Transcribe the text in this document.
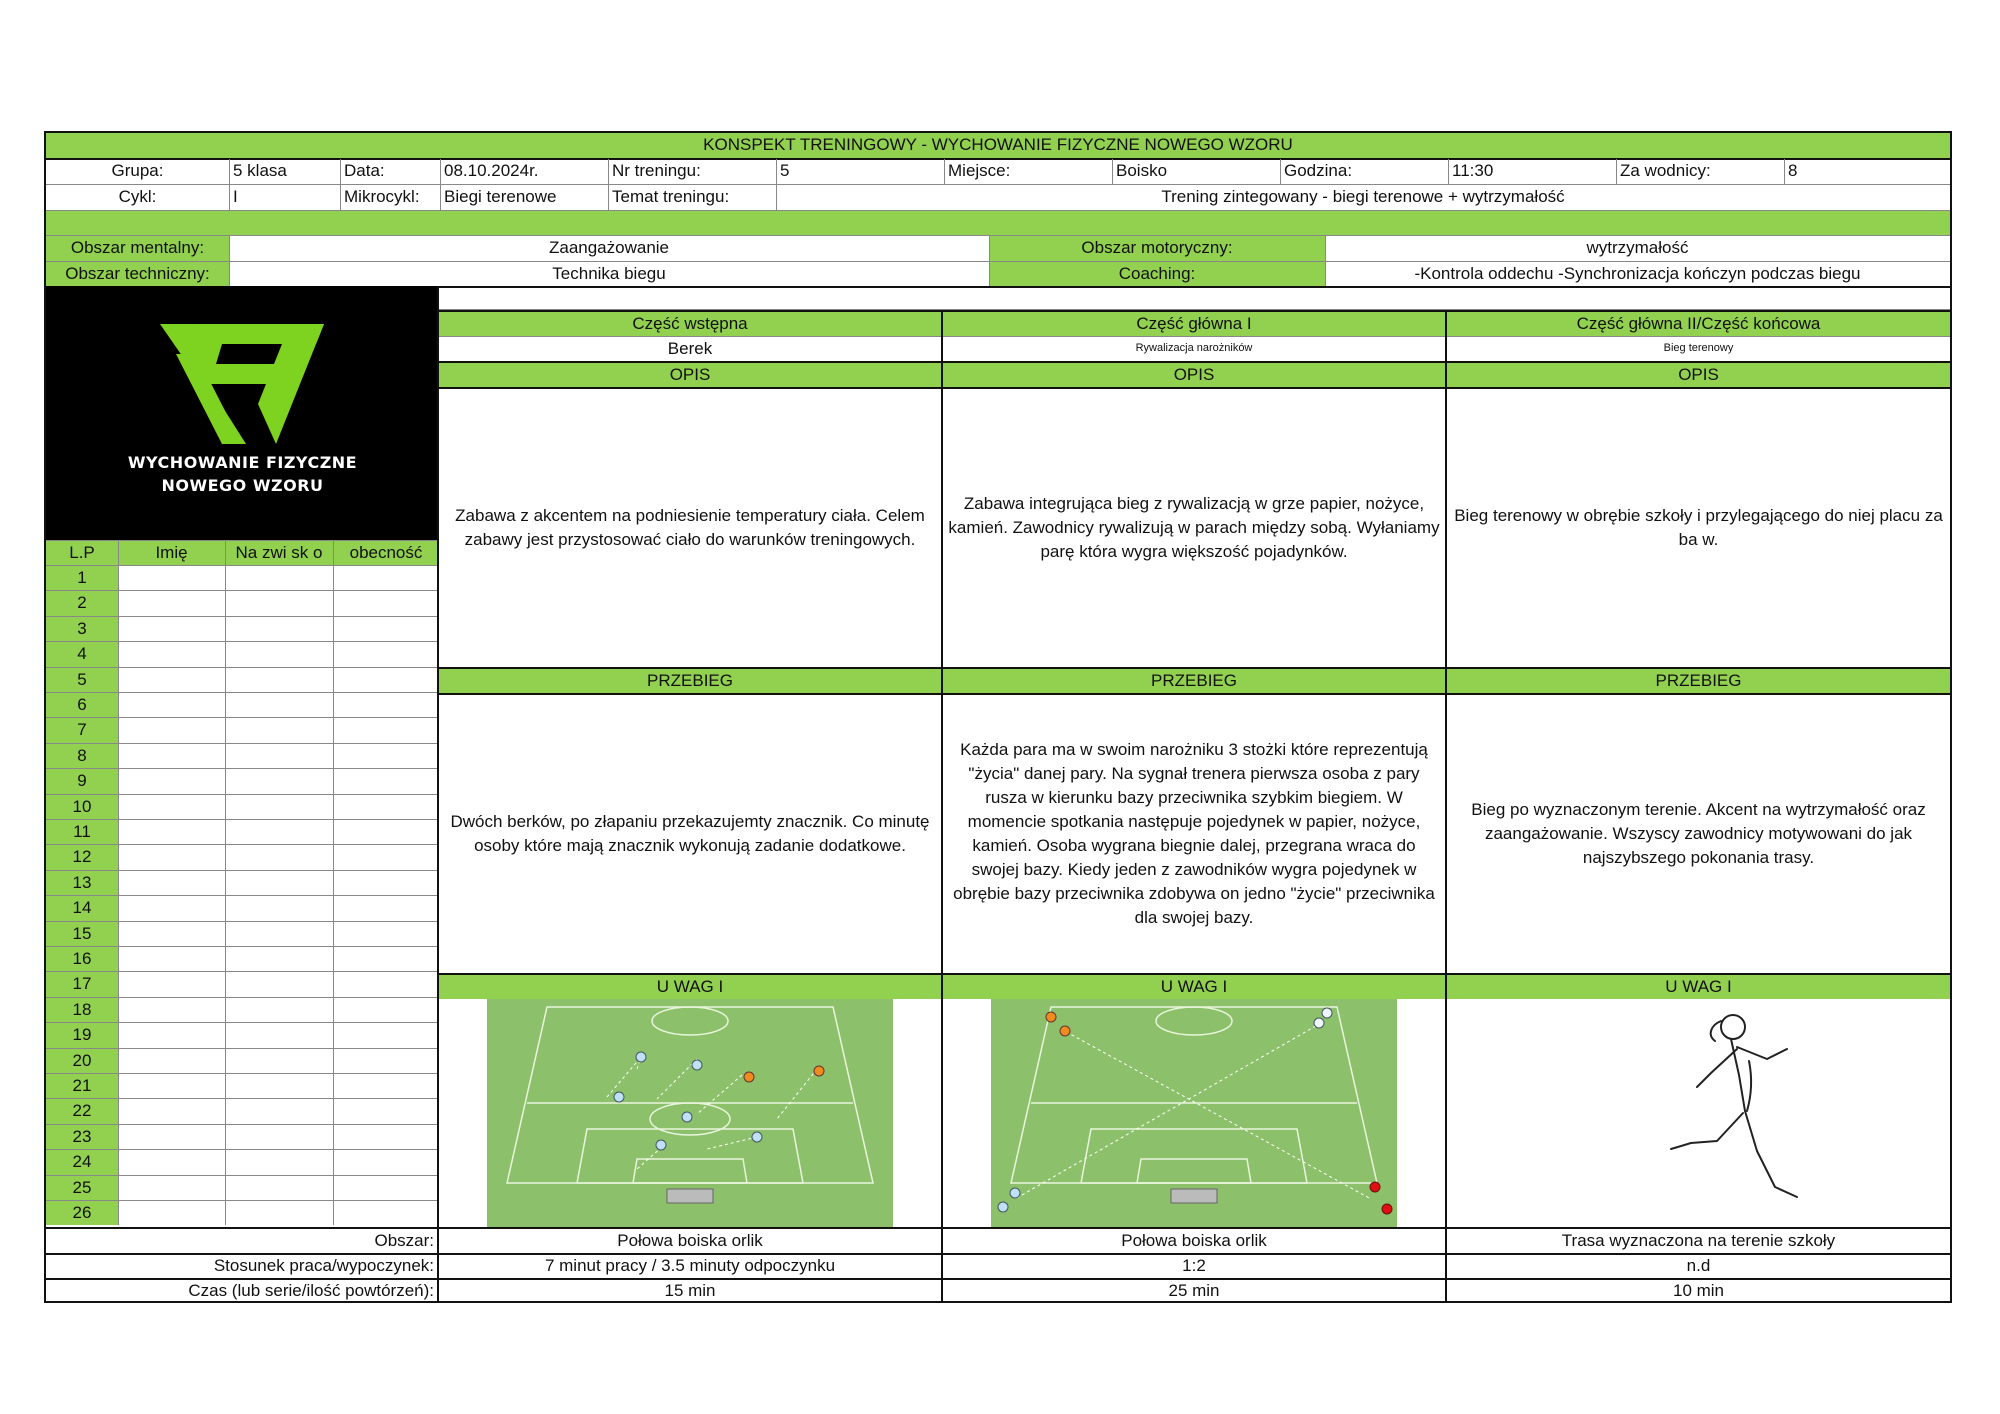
KONSPEKT TRENINGOWY - WYCHOWANIE FIZYCZNE NOWEGO WZORU
Grupa:	5 klasa	Data:	08.10.2024r.	Nr treningu:	5	Miejsce:	Boisko	Godzina:	11:30	Za wodnicy:	8
Cykl:	I	Mikrocykl:	Biegi terenowe	Temat treningu:	Trening zintegowany - biegi terenowe + wytrzymałość
Obszar mentalny:	Zaangażowanie	Obszar motoryczny:	wytrzymałość
Obszar techniczny:	Technika biegu	Coaching:	-Kontrola oddechu -Synchronizacja kończyn podczas biegu
WYCHOWANIE FIZYCZNE
NOWEGO WZORU
Część wstępna	Część główna I	Część główna II/Część końcowa
Berek	Rywalizacja narożników	Bieg terenowy
OPIS	OPIS	OPIS
Zabawa z akcentem na podniesienie temperatury ciała. Celem zabawy jest przystosować ciało do warunków treningowych.
Zabawa integrująca bieg z rywalizacją w grze papier, nożyce, kamień. Zawodnicy rywalizują w parach między sobą. Wyłaniamy parę która wygra większość pojadynków.
Bieg terenowy w obrębie szkoły i przylegającego do niej placu za ba w.
PRZEBIEG	PRZEBIEG	PRZEBIEG
Dwóch berków, po złapaniu przekazujemty znacznik. Co minutę osoby które mają znacznik wykonują zadanie dodatkowe.
Każda para ma w swoim narożniku 3 stożki które reprezentują "życia" danej pary. Na sygnał trenera pierwsza osoba z pary rusza w kierunku bazy przeciwnika szybkim biegiem. W momencie spotkania następuje pojedynek w papier, nożyce, kamień. Osoba wygrana biegnie dalej, przegrana wraca do swojej bazy. Kiedy jeden z zawodników wygra pojedynek w obrębie bazy przeciwnika zdobywa on jedno "życie" przeciwnika dla swojej bazy.
Bieg po wyznaczonym terenie. Akcent na wytrzymałość oraz zaangażowanie. Wszyscy zawodnicy motywowani do jak najszybszego pokonania trasy.
U WAG I	U WAG I	U WAG I
L.P	Imię	Na zwi sk o	obecność
1
2
3
4
5
6
7
8
9
10
11
12
13
14
15
16
17
18
19
20
21
22
23
24
25
26
Obszar:	Połowa boiska orlik	Połowa boiska orlik	Trasa wyznaczona na terenie szkoły
Stosunek praca/wypoczynek:	7 minut pracy / 3.5 minuty odpoczynku	1:2	n.d
Czas (lub serie/ilość powtórzeń):	15 min	25 min	10 min
